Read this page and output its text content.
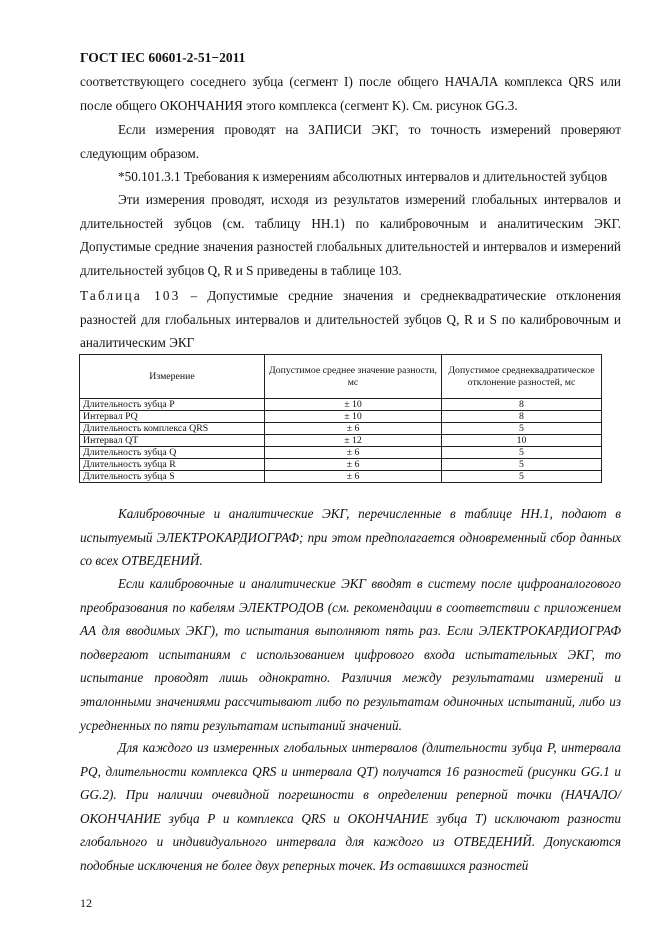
ГОСТ IEC 60601-2-51−2011

соответствующего соседнего зубца (сегмент I) после общего НАЧАЛА комплекса QRS или после общего ОКОНЧАНИЯ этого комплекса (сегмент K). См. рисунок GG.3.

Если измерения проводят на ЗАПИСИ ЭКГ, то точность измерений проверяют следующим образом.

*50.101.3.1 Требования к измерениям абсолютных интервалов и длительностей зубцов

Эти измерения проводят, исходя из результатов измерений глобальных интервалов и длительностей зубцов (см. таблицу HH.1) по калибровочным и аналитическим ЭКГ. Допустимые средние значения разностей глобальных длительностей и интервалов и измерений длительностей зубцов Q, R и S приведены в таблице 103.

Таблица 103 – Допустимые средние значения и среднеквадратические отклонения разностей для глобальных интервалов и длительностей зубцов Q, R и S по калибровочным и аналитическим ЭКГ

Измерение	Допустимое среднее значение разности, мс	Допустимое среднеквадратическое отклонение разностей, мс
Длительность зубца P	± 10	8
Интервал PQ	± 10	8
Длительность комплекса QRS	± 6	5
Интервал QT	± 12	10
Длительность зубца Q	± 6	5
Длительность зубца R	± 6	5
Длительность зубца S	± 6	5

Калибровочные и аналитические ЭКГ, перечисленные в таблице HH.1, подают в испытуемый ЭЛЕКТРОКАРДИОГРАФ; при этом предполагается одновременный сбор данных со всех ОТВЕДЕНИЙ.

Если калибровочные и аналитические ЭКГ вводят в систему после цифроаналогового преобразования по кабелям ЭЛЕКТРОДОВ (см. рекомендации в соответствии с приложением AA для вводимых ЭКГ), то испытания выполняют пять раз. Если ЭЛЕКТРОКАРДИОГРАФ подвергают испытаниям с использованием цифрового входа испытательных ЭКГ, то испытание проводят лишь однократно. Различия между результатами измерений и эталонными значениями рассчитывают либо по результатам одиночных испытаний, либо из усредненных по пяти результатам испытаний значений.

Для каждого из измеренных глобальных интервалов (длительности зубца P, интервала PQ, длительности комплекса QRS и интервала QT) получатся 16 разностей (рисунки GG.1 и GG.2). При наличии очевидной погрешности в определении реперной точки (НАЧАЛО/ОКОНЧАНИЕ зубца P и комплекса QRS и ОКОНЧАНИЕ зубца T) исключают разности глобального и индивидуального интервала для каждого из ОТВЕДЕНИЙ. Допускаются подобные исключения не более двух реперных точек. Из оставшихся разностей

12
